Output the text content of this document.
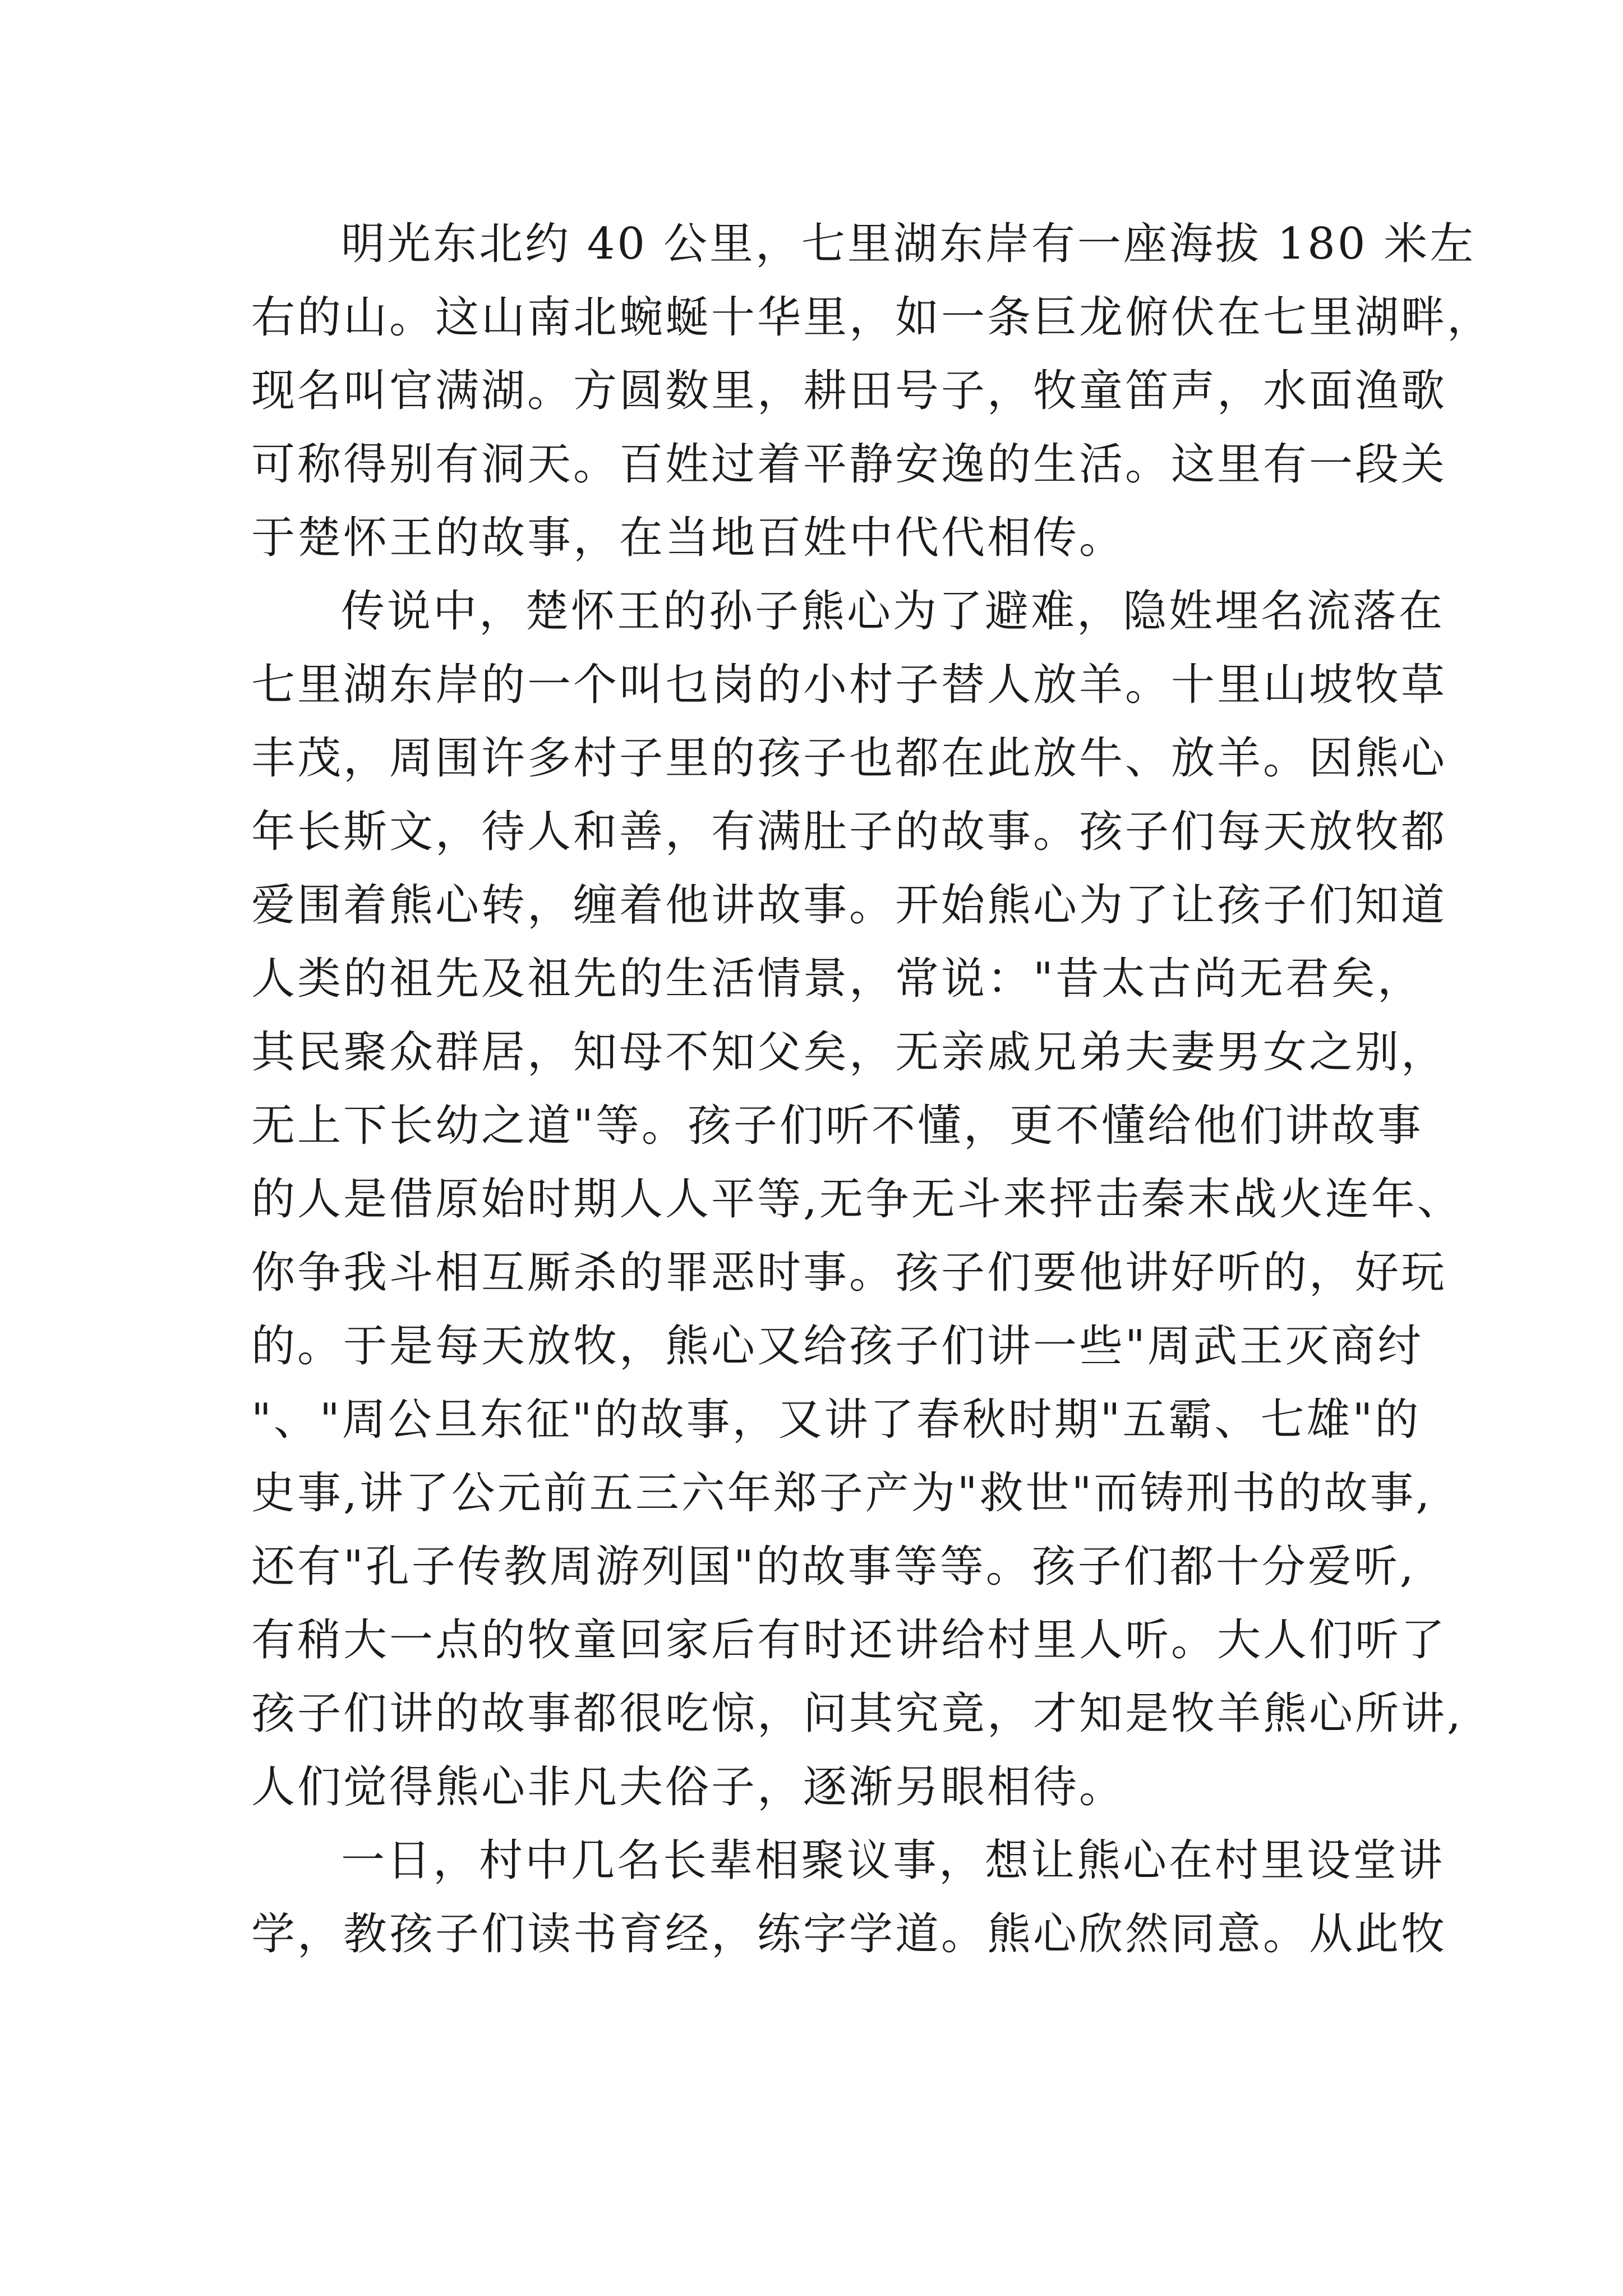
明光东北约 40 公里，七里湖东岸有一座海拔 180 米左
右的山。这山南北蜿蜒十华里，如一条巨龙俯伏在七里湖畔，
现名叫官满湖。方圆数里，耕田号子，牧童笛声，水面渔歌
可称得别有洞天。百姓过着平静安逸的生活。这里有一段关
于楚怀王的故事，在当地百姓中代代相传。
传说中，楚怀王的孙子熊心为了避难，隐姓埋名流落在
七里湖东岸的一个叫乜岗的小村子替人放羊。十里山坡牧草
丰茂，周围许多村子里的孩子也都在此放牛、放羊。因熊心
年长斯文，待人和善，有满肚子的故事。孩子们每天放牧都
爱围着熊心转，缠着他讲故事。开始熊心为了让孩子们知道
人类的祖先及祖先的生活情景，常说："昔太古尚无君矣，
其民聚众群居，知母不知父矣，无亲戚兄弟夫妻男女之别，
无上下长幼之道"等。孩子们听不懂，更不懂给他们讲故事
的人是借原始时期人人平等,无争无斗来抨击秦末战火连年、
你争我斗相互厮杀的罪恶时事。孩子们要他讲好听的，好玩
的。于是每天放牧，熊心又给孩子们讲一些"周武王灭商纣
"、"周公旦东征"的故事，又讲了春秋时期"五霸、七雄"的
史事,讲了公元前五三六年郑子产为"救世"而铸刑书的故事,
还有"孔子传教周游列国"的故事等等。孩子们都十分爱听,
有稍大一点的牧童回家后有时还讲给村里人听。大人们听了
孩子们讲的故事都很吃惊，问其究竟，才知是牧羊熊心所讲,
人们觉得熊心非凡夫俗子，逐渐另眼相待。
一日，村中几名长辈相聚议事，想让熊心在村里设堂讲
学，教孩子们读书育经，练字学道。熊心欣然同意。从此牧
